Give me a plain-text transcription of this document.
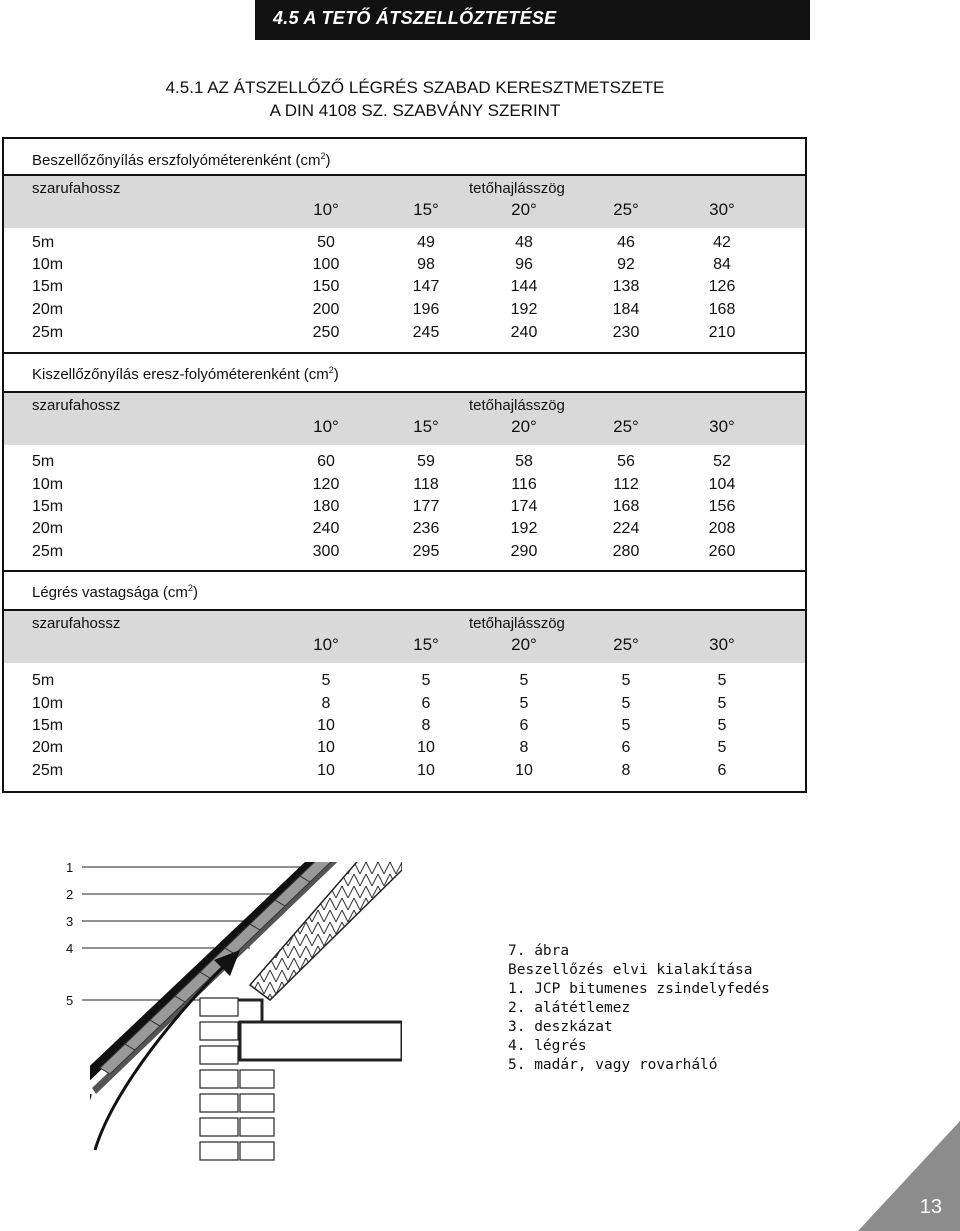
4.5 A TETŐ ÁTSZELLŐZTETÉSE
4.5.1 AZ ÁTSZELLŐZŐ LÉGRÉS SZABAD KERESZTMETSZETE
A DIN 4108 SZ. SZABVÁNY SZERINT
Beszellőzőnyílás erszfolyóméterenként $(cm^2)$
szarufahossz	tetőhajlásszög
10°	15°	20°	25°	30°
5m	50	49	48	46	42
10m	100	98	96	92	84
15m	150	147	144	138	126
20m	200	196	192	184	168
25m	250	245	240	230	210
Kiszellőzőnyílás eresz-folyóméterenként $(cm^2)$
szarufahossz	tetőhajlásszög
10°	15°	20°	25°	30°
5m	60	59	58	56	52
10m	120	118	116	112	104
15m	180	177	174	168	156
20m	240	236	192	224	208
25m	300	295	290	280	260
Légrés vastagsága $(cm^2)$
szarufahossz	tetőhajlásszög
10°	15°	20°	25°	30°
5m	5	5	5	5	5
10m	8	6	5	5	5
15m	10	8	6	5	5
20m	10	10	8	6	5
25m	10	10	10	8	6
1
2
3
4
5
7. ábra
Beszellőzés elvi kialakítása
1. JCP bitumenes zsindelyfedés
2. alátétlemez
3. deszkázat
4. légrés
5. madár, vagy rovarháló
13
